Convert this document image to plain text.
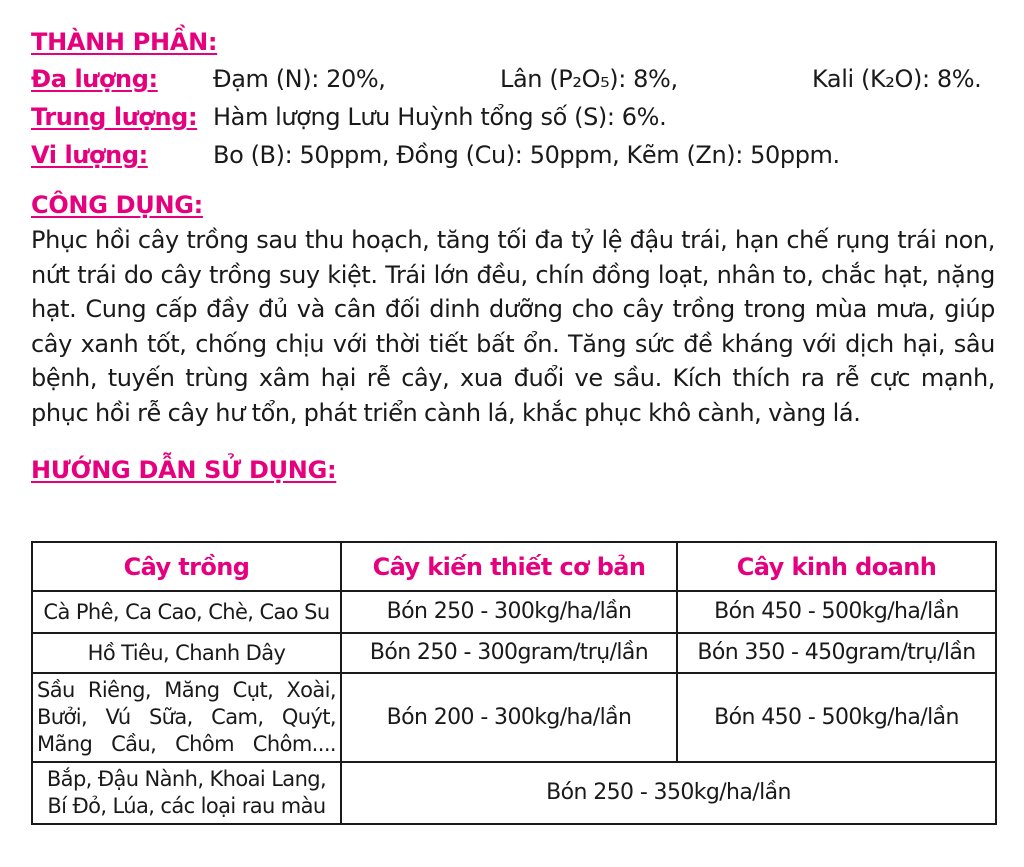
THÀNH PHẦN:
Đa lượng: Đạm (N): 20%,	Lân (P₂O₅): 8%,	Kali (K₂O): 8%.
Trung lượng: Hàm lượng Lưu Huỳnh tổng số (S): 6%.
Vi lượng:	Bo (B): 50ppm, Đồng (Cu): 50ppm, Kẽm (Zn): 50ppm.
CÔNG DỤNG:

Phục hồi cây trồng sau thu hoạch, tăng tối đa tỷ lệ đậu trái, hạn chế rụng trái non, nứt trái do cây trồng suy kiệt. Trái lớn đều, chín đồng loạt, nhân to, chắc hạt, nặng hạt. Cung cấp đầy đủ và cân đối dinh dưỡng cho cây trồng trong mùa mưa, giúp cây xanh tốt, chống chịu với thời tiết bất ổn. Tăng sức đề kháng với dịch hại, sâu bệnh, tuyến trùng xâm hại rễ cây, xua đuổi ve sầu. Kích thích ra rễ cực mạnh, phục hồi rễ cây hư tổn, phát triển cành lá, khắc phục khô cành, vàng lá.

HƯỚNG DẪN SỬ DỤNG:
Cây trồng	Cây kiến thiết cơ bản	Cây kinh doanh
Cà Phê, Ca Cao, Chè, Cao Su	Bón 250 - 300kg/ha/lần	Bón 450 - 500kg/ha/lần
Hồ Tiêu, Chanh Dây	Bón 250 - 300gram/trụ/lần	Bón 350 - 450gram/trụ/lần

Sầu Riêng, Măng Cụt, Xoài,
Bưởi, Vú Sữa, Cam, Quýt,
Mãng Cầu, Chôm Chôm....	Bón 200 - 300kg/ha/lần	Bón 450 - 500kg/ha/lần

Bắp, Đậu Nành, Khoai Lang,
Bí Đỏ, Lúa, các loại rau màu	Bón 250 - 350kg/ha/lần	
